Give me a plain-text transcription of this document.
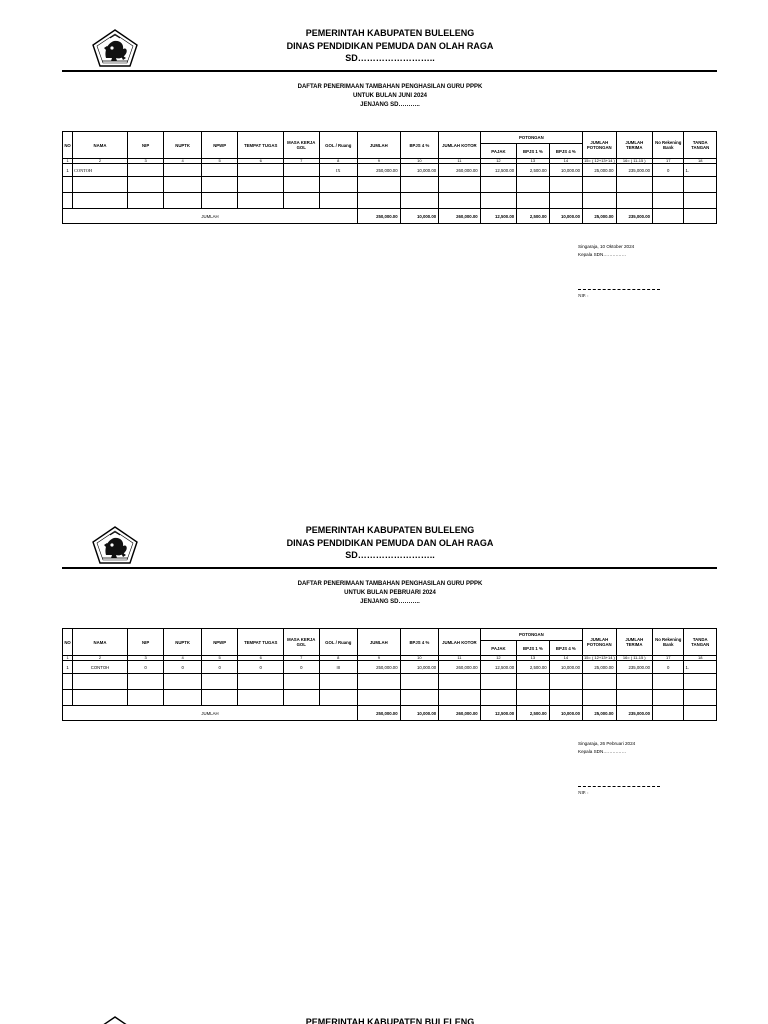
PEMERINTAH KABUPATEN BULELENG
DINAS PENDIDIKAN PEMUDA DAN OLAH RAGA
SD……………………..
DAFTAR PENERIMAAN TAMBAHAN PENGHASILAN GURU PPPK
UNTUK BULAN JUNI 2024
JENJANG SD………..
NO	NAMA	NIP	NUPTK	NPWP	TEMPAT TUGAS	MASA KERJA GOL	GOL / Ruang	JUMLAH	BPJS 4 %	JUMLAH KOTOR	POTONGAN			JUMLAH POTONGAN	JUMLAH TERIMA	No Rekening Bank	TANDA TANGAN
											PAJAK	BPJS 1 %	BPJS 4 %				
1	2	3	4	5	6	7	8	9	10	11	12	13	14	15= ( 12+13+14 )	16= ( 11-15 )	17	18
1	CONTOH						IX	250,000.00	10,000.00	260,000.00	12,500.00	2,500.00	10,000.00	25,000.00	235,000.00	0	1.

JUMLAH								250,000.00	10,000.00	260,000.00	12,500.00	2,500.00	10,000.00	25,000.00	235,000.00		
Singaraja, 10 Oktober 2024
Kepala SDN……………
NIP. :
PEMERINTAH KABUPATEN BULELENG
DINAS PENDIDIKAN PEMUDA DAN OLAH RAGA
SD……………………..
DAFTAR PENERIMAAN TAMBAHAN PENGHASILAN GURU PPPK
UNTUK BULAN PEBRUARI 2024
JENJANG SD………..
NO	NAMA	NIP	NUPTK	NPWP	TEMPAT TUGAS	MASA KERJA GOL	GOL / Ruang	JUMLAH	BPJS 4 %	JUMLAH KOTOR	POTONGAN			JUMLAH POTONGAN	JUMLAH TERIMA	No Rekening Bank	TANDA TANGAN
											PAJAK	BPJS 1 %	BPJS 4 %				
1	2	3	4	5	6	7	8	9	10	11	12	13	14	15= ( 12+13+14 )	16= ( 11-15 )	17	18
1	CONTOH	0	0	0	0	0	III	250,000.00	10,000.00	260,000.00	12,500.00	2,500.00	10,000.00	25,000.00	235,000.00	0	1.

JUMLAH								250,000.00	10,000.00	260,000.00	12,500.00	2,500.00	10,000.00	25,000.00	235,000.00		
Singaraja, 26 Pebruari 2024
Kepala SDN……………
NIP. :
PEMERINTAH KABUPATEN BULELENG
